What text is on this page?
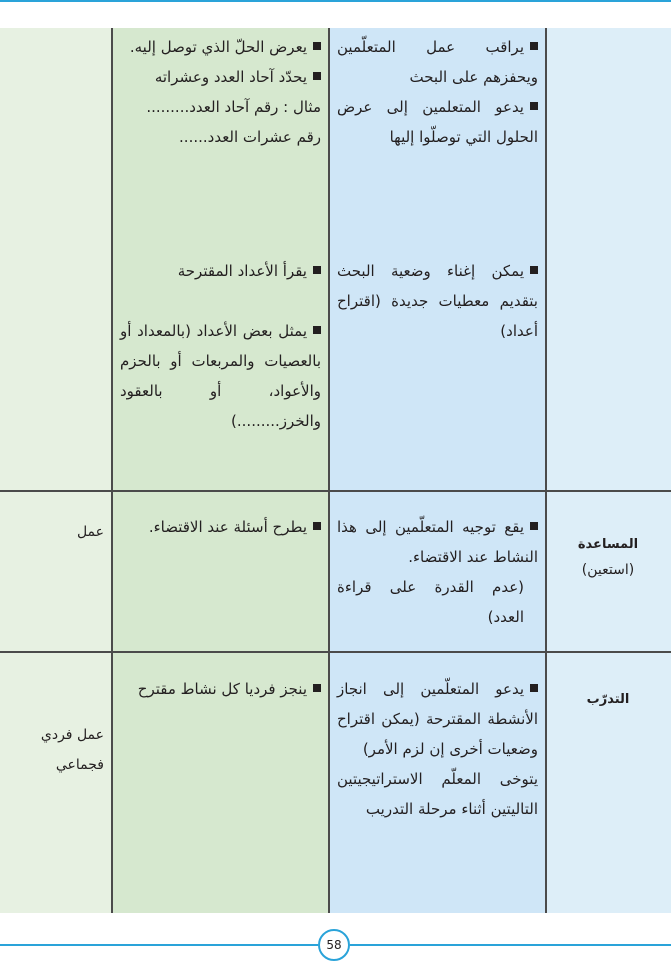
يراقب عمل المتعلّمين ويحفزهم على البحث
يدعو المتعلمين إلى عرض الحلول التي توصلّوا إليها
يمكن إغناء وضعية البحث بتقديم معطيات جديدة (اقتراح أعداد)
يعرض الحلّ الذي توصل إليه.
يحدّد آحاد العدد وعشراته
مثال : رقم آحاد العدد.........
رقم عشرات العدد......
يقرأ الأعداد المقترحة
يمثل بعض الأعداد (بالمعداد أو بالعصيات والمربعات أو بالحزم والأعواد، أو بالعقود والخرز.........)
المساعدة
(استعين)
يقع توجيه المتعلّمين إلى هذا النشاط عند الاقتضاء.
(عدم القدرة على قراءة العدد)
يطرح أسئلة عند الاقتضاء.
عمل
التدرّب
يدعو المتعلّمين إلى انجاز الأنشطة المقترحة (يمكن اقتراح وضعيات أخرى إن لزم الأمر)
يتوخى المعلّم الاستراتيجيتين التاليتين أثناء مرحلة التدريب
ينجز فرديا كل نشاط مقترح
عمل فردي
فجماعي
58
